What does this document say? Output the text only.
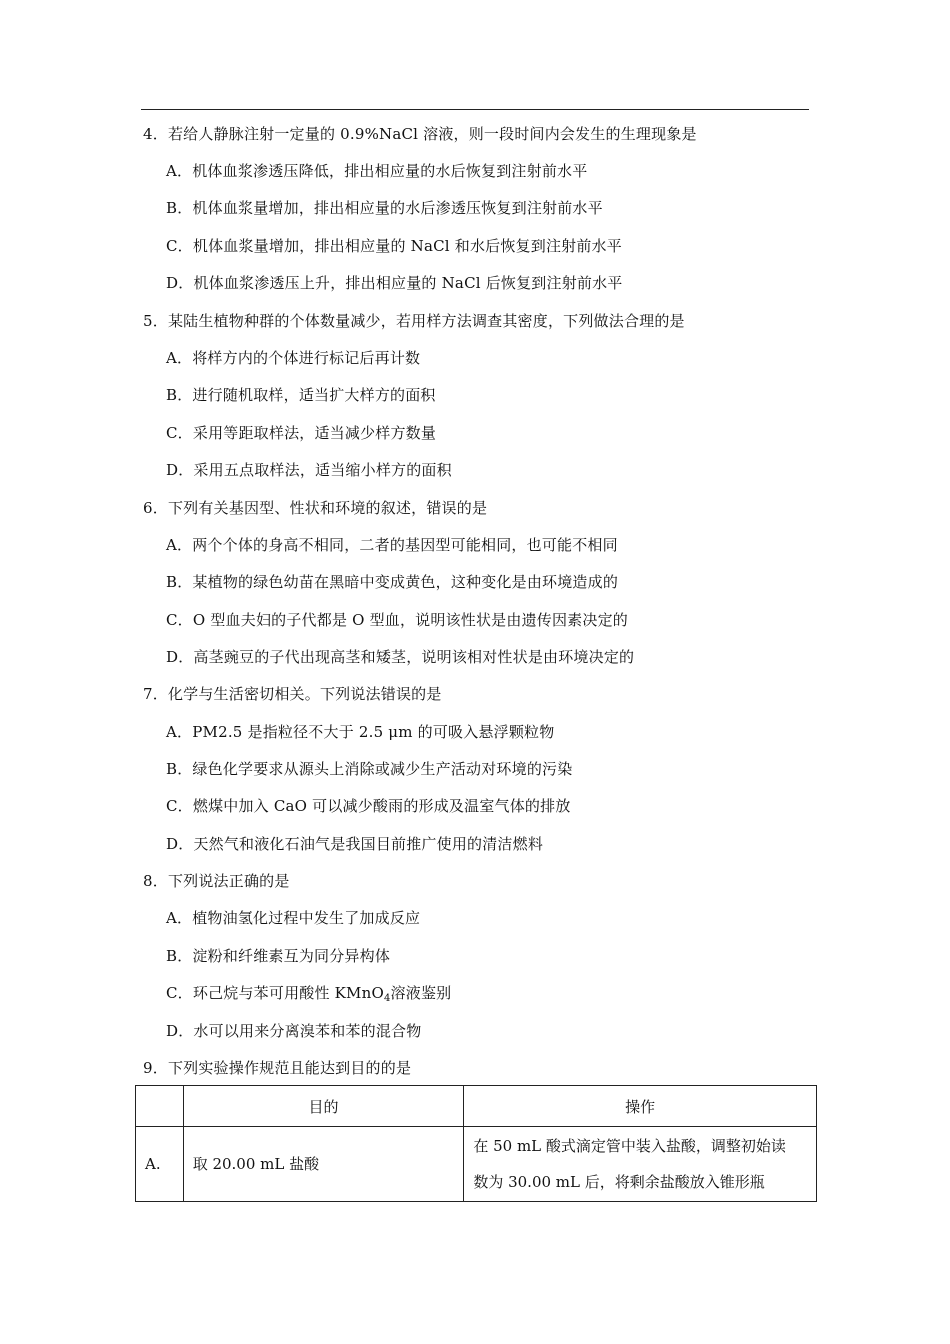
4．若给人静脉注射一定量的 0.9%NaCl 溶液，则一段时间内会发生的生理现象是
A．机体血浆渗透压降低，排出相应量的水后恢复到注射前水平
B．机体血浆量增加，排出相应量的水后渗透压恢复到注射前水平
C．机体血浆量增加，排出相应量的 NaCl 和水后恢复到注射前水平
D．机体血浆渗透压上升，排出相应量的 NaCl 后恢复到注射前水平
5．某陆生植物种群的个体数量减少，若用样方法调查其密度，下列做法合理的是
A．将样方内的个体进行标记后再计数
B．进行随机取样，适当扩大样方的面积
C．采用等距取样法，适当减少样方数量
D．采用五点取样法，适当缩小样方的面积
6．下列有关基因型、性状和环境的叙述，错误的是
A．两个个体的身高不相同，二者的基因型可能相同，也可能不相同
B．某植物的绿色幼苗在黑暗中变成黄色，这种变化是由环境造成的
C．O 型血夫妇的子代都是 O 型血，说明该性状是由遗传因素决定的
D．高茎豌豆的子代出现高茎和矮茎，说明该相对性状是由环境决定的
7．化学与生活密切相关。下列说法错误的是
A．PM2.5 是指粒径不大于 2.5 μm 的可吸入悬浮颗粒物
B．绿色化学要求从源头上消除或减少生产活动对环境的污染
C．燃煤中加入 CaO 可以减少酸雨的形成及温室气体的排放
D．天然气和液化石油气是我国目前推广使用的清洁燃料
8．下列说法正确的是
A．植物油氢化过程中发生了加成反应
B．淀粉和纤维素互为同分异构体
C．环己烷与苯可用酸性 KMnO$_4$溶液鉴别
D．水可以用来分离溴苯和苯的混合物
9．下列实验操作规范且能达到目的的是
	目的	操作
A.	取 20.00 mL 盐酸	在 50 mL 酸式滴定管中装入盐酸，调整初始读
数为 30.00 mL 后，将剩余盐酸放入锥形瓶
